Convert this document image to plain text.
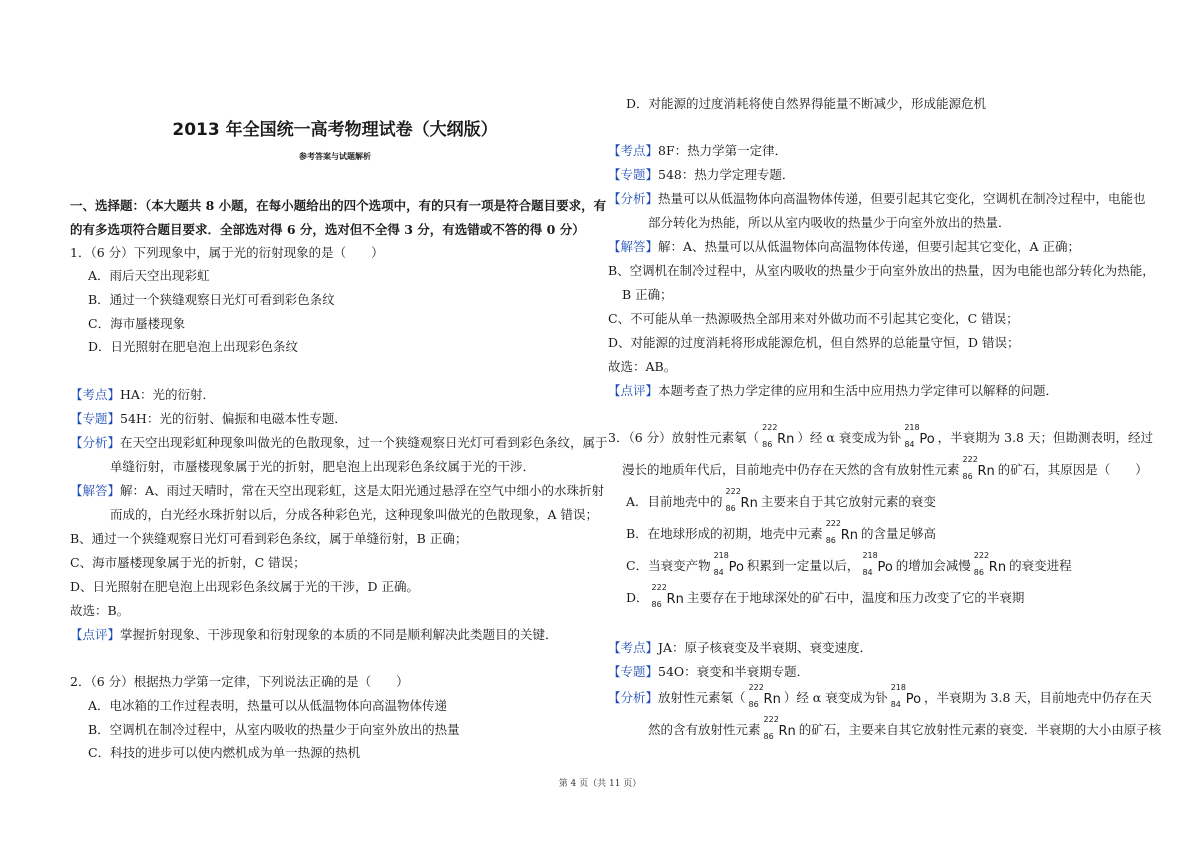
2013 年全国统一高考物理试卷（大纲版）
参考答案与试题解析
一、选择题：（本大题共 8 小题，在每小题给出的四个选项中，有的只有一项是符合题目要求，有
的有多选项符合题目要求．全部选对得 6 分，选对但不全得 3 分，有选错或不答的得 0 分）
1．（6 分）下列现象中，属于光的衍射现象的是（　　）
A．雨后天空出现彩虹
B．通过一个狭缝观察日光灯可看到彩色条纹
C．海市蜃楼现象
D．日光照射在肥皂泡上出现彩色条纹
【考点】HA：光的衍射．
【专题】54H：光的衍射、偏振和电磁本性专题．
【分析】在天空出现彩虹种现象叫做光的色散现象，过一个狭缝观察日光灯可看到彩色条纹，属于
单缝衍射，市蜃楼现象属于光的折射，肥皂泡上出现彩色条纹属于光的干涉．
【解答】解：A、雨过天晴时，常在天空出现彩虹，这是太阳光通过悬浮在空气中细小的水珠折射
而成的，白光经水珠折射以后，分成各种彩色光，这种现象叫做光的色散现象，A 错误；
B、通过一个狭缝观察日光灯可看到彩色条纹，属于单缝衍射，B 正确；
C、海市蜃楼现象属于光的折射，C 错误；
D、日光照射在肥皂泡上出现彩色条纹属于光的干涉，D 正确。
故选：B。
【点评】掌握折射现象、干涉现象和衍射现象的本质的不同是顺利解决此类题目的关键．
2．（6 分）根据热力学第一定律，下列说法正确的是（　　）
A．电冰箱的工作过程表明，热量可以从低温物体向高温物体传递
B．空调机在制冷过程中，从室内吸收的热量少于向室外放出的热量
C．科技的进步可以使内燃机成为单一热源的热机
D．对能源的过度消耗将使自然界得能量不断减少，形成能源危机
【考点】8F：热力学第一定律．
【专题】548：热力学定理专题．
【分析】热量可以从低温物体向高温物体传递，但要引起其它变化，空调机在制冷过程中，电能也
部分转化为热能，所以从室内吸收的热量少于向室外放出的热量．
【解答】解：A、热量可以从低温物体向高温物体传递，但要引起其它变化，A 正确；
B、空调机在制冷过程中，从室内吸收的热量少于向室外放出的热量，因为电能也部分转化为热能，
B 正确；
C、不可能从单一热源吸热全部用来对外做功而不引起其它变化，C 错误；
D、对能源的过度消耗将形成能源危机，但自然界的总能量守恒，D 错误；
故选：AB。
【点评】本题考查了热力学定律的应用和生活中应用热力学定律可以解释的问题．
3．（6 分）放射性元素氡（
222
86 Rn ）经 α 衰变成为钋
218
84 Po ，半衰期为 3.8 天；但勘测表明，经过
漫长的地质年代后，目前地壳中仍存在天然的含有放射性元素
222
86 Rn 的矿石，其原因是（　　）
A．目前地壳中的
222
86 Rn 主要来自于其它放射元素的衰变
B．在地球形成的初期，地壳中元素
222
86 Rn 的含量足够高
C．当衰变产物
218
84 Po 积累到一定量以后，
218
84 Po 的增加会减慢
222
86 Rn 的衰变进程
D．
222
86 Rn 主要存在于地球深处的矿石中，温度和压力改变了它的半衰期
【考点】JA：原子核衰变及半衰期、衰变速度．
【专题】54O：衰变和半衰期专题．
【分析】放射性元素氡（
222
86 Rn ）经 α 衰变成为钋
218
84 Po ，半衰期为 3.8 天，目前地壳中仍存在天
然的含有放射性元素
222
86 Rn 的矿石，主要来自其它放射性元素的衰变．半衰期的大小由原子核
第 4 页（共 11 页）
